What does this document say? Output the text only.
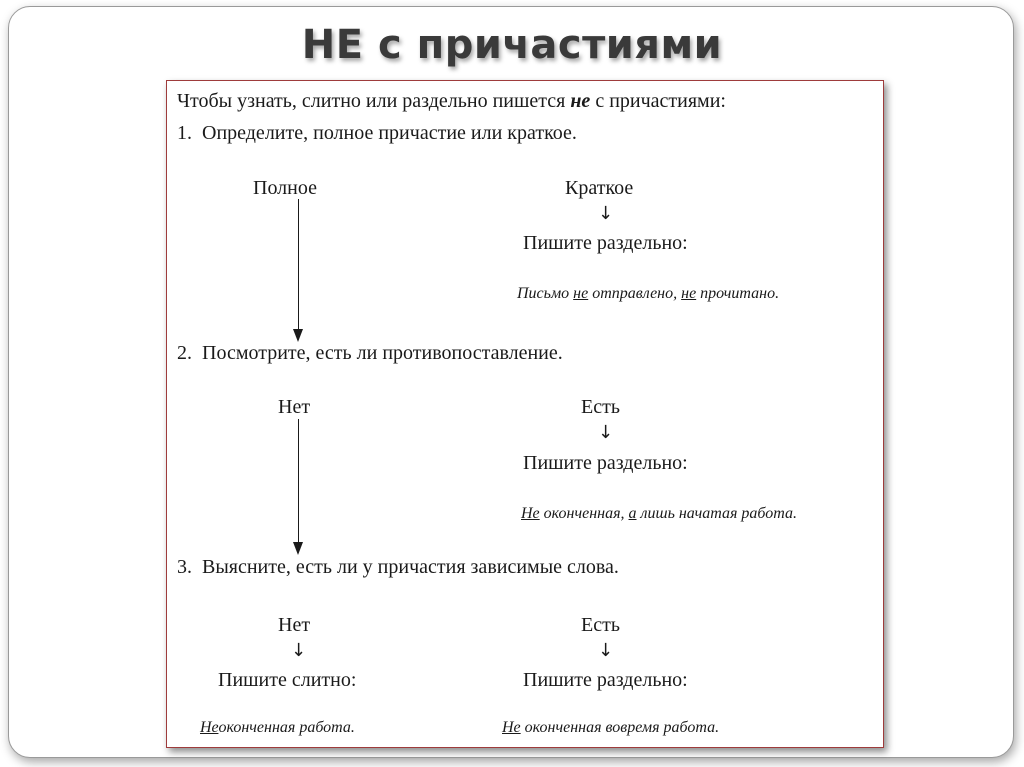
НЕ с причастиями
Чтобы узнать, слитно или раздельно пишется не с причастиями:
1. Определите, полное причастие или краткое.
Полное	Краткое
↓
Пишите раздельно:
Письмо не отправлено, не прочитано.
2. Посмотрите, есть ли противопоставление.
Нет	Есть
↓
Пишите раздельно:
Не оконченная, а лишь начатая работа.
3. Выясните, есть ли у причастия зависимые слова.
Нет	Есть
↓	↓
Пишите слитно:	Пишите раздельно:
Неоконченная работа.	Не оконченная вовремя работа.
